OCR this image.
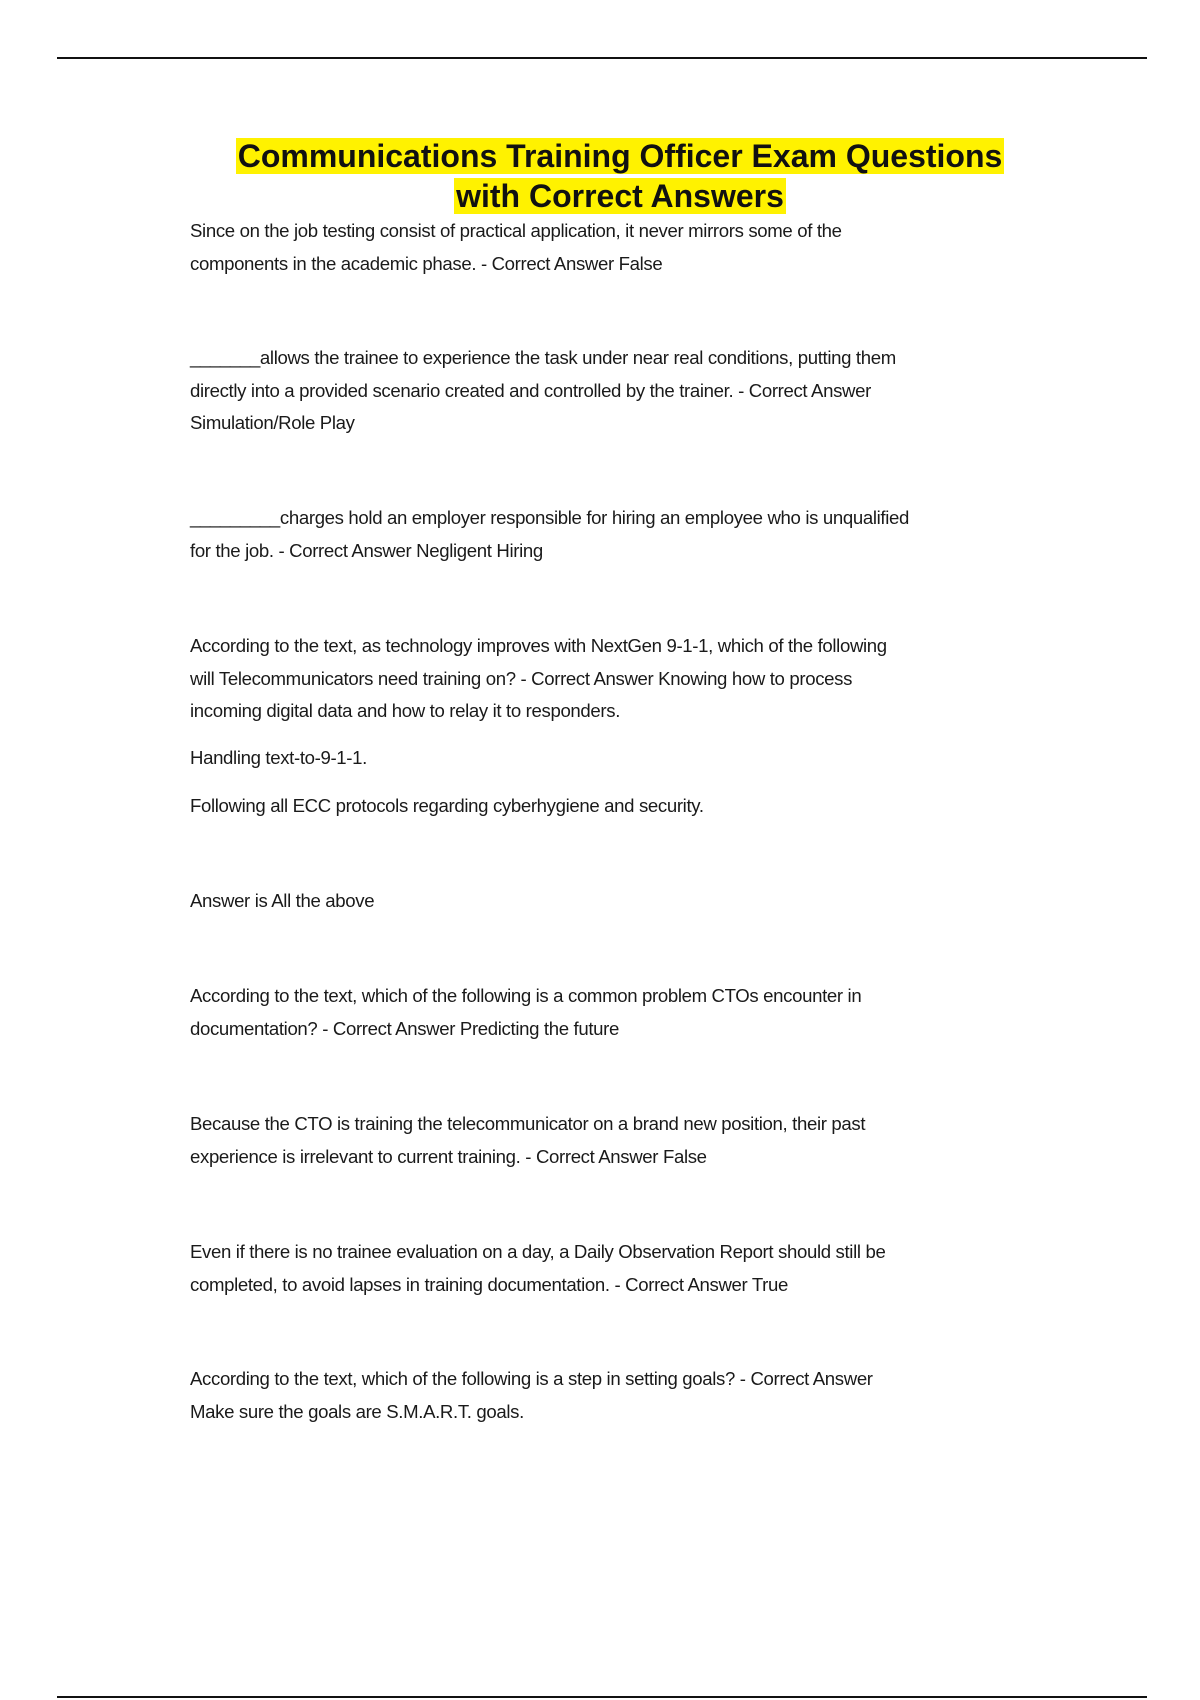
Communications Training Officer Exam Questions
with Correct Answers
Since on the job testing consist of practical application, it never mirrors some of the
components in the academic phase. - Correct Answer False
_______allows the trainee to experience the task under near real conditions, putting them
directly into a provided scenario created and controlled by the trainer. - Correct Answer
Simulation/Role Play
_________charges hold an employer responsible for hiring an employee who is unqualified
for the job. - Correct Answer Negligent Hiring
According to the text, as technology improves with NextGen 9-1-1, which of the following
will Telecommunicators need training on? - Correct Answer Knowing how to process
incoming digital data and how to relay it to responders.
Handling text-to-9-1-1.
Following all ECC protocols regarding cyberhygiene and security.
Answer is All the above
According to the text, which of the following is a common problem CTOs encounter in
documentation? - Correct Answer Predicting the future
Because the CTO is training the telecommunicator on a brand new position, their past
experience is irrelevant to current training. - Correct Answer False
Even if there is no trainee evaluation on a day, a Daily Observation Report should still be
completed, to avoid lapses in training documentation. - Correct Answer True
According to the text, which of the following is a step in setting goals? - Correct Answer
Make sure the goals are S.M.A.R.T. goals.
